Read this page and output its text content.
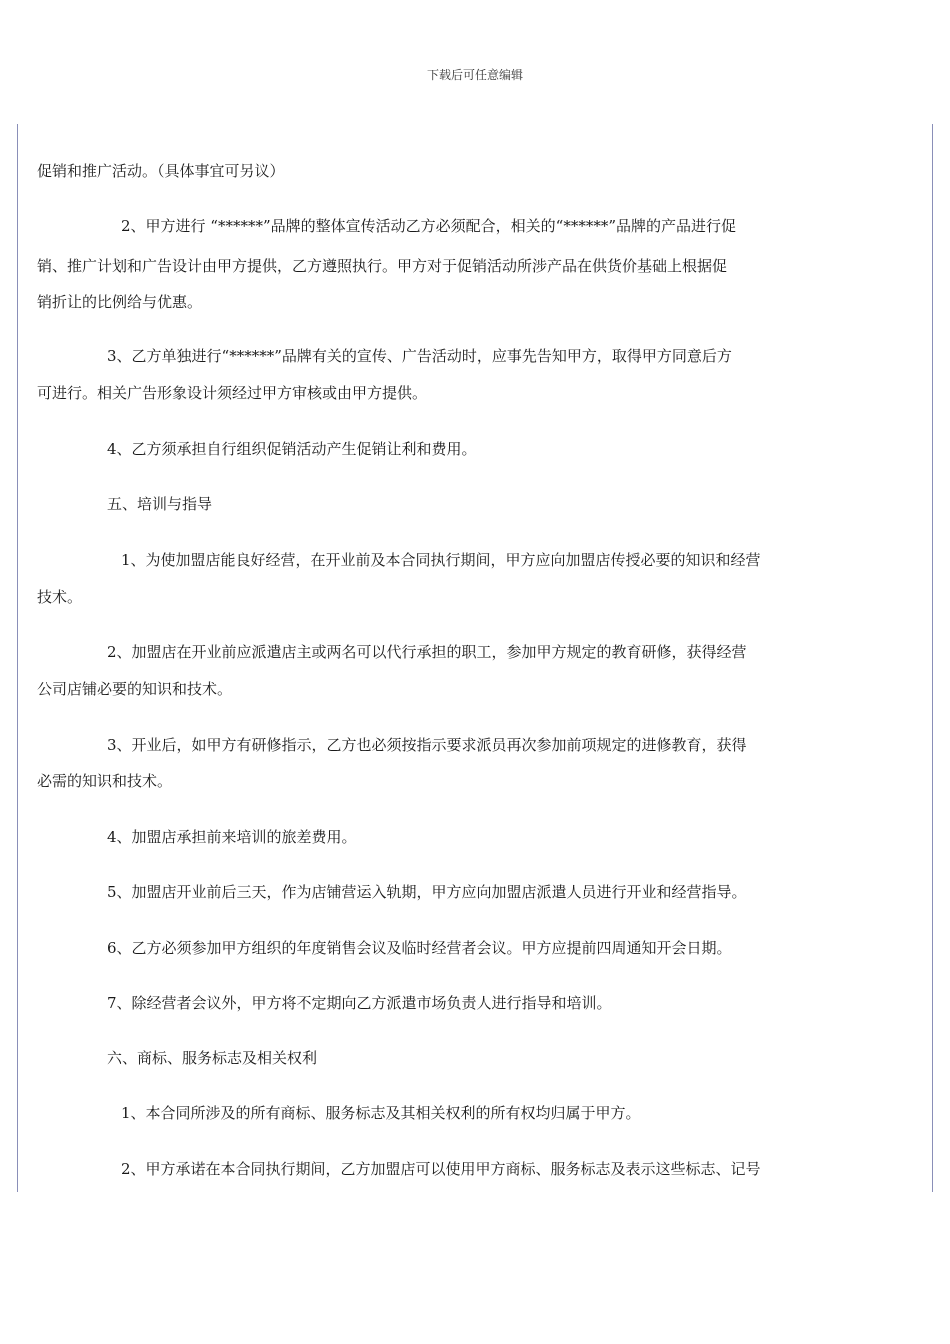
下载后可任意编辑
促销和推广活动。（具体事宜可另议）
2、甲方进行 “******”品牌的整体宣传活动乙方必须配合，相关的“******”品牌的产品进行促
销、推广计划和广告设计由甲方提供，乙方遵照执行。甲方对于促销活动所涉产品在供货价基础上根据促
销折让的比例给与优惠。
3、乙方单独进行“******”品牌有关的宣传、广告活动时，应事先告知甲方，取得甲方同意后方
可进行。相关广告形象设计须经过甲方审核或由甲方提供。
4、乙方须承担自行组织促销活动产生促销让利和费用。
五、培训与指导
1、为使加盟店能良好经营，在开业前及本合同执行期间，甲方应向加盟店传授必要的知识和经营
技术。
2、加盟店在开业前应派遣店主或两名可以代行承担的职工，参加甲方规定的教育研修，获得经营
公司店铺必要的知识和技术。
3、开业后，如甲方有研修指示，乙方也必须按指示要求派员再次参加前项规定的进修教育，获得
必需的知识和技术。
4、加盟店承担前来培训的旅差费用。
5、加盟店开业前后三天，作为店铺营运入轨期，甲方应向加盟店派遣人员进行开业和经营指导。
6、乙方必须参加甲方组织的年度销售会议及临时经营者会议。甲方应提前四周通知开会日期。
7、除经营者会议外，甲方将不定期向乙方派遣市场负责人进行指导和培训。
六、商标、服务标志及相关权利
1、本合同所涉及的所有商标、服务标志及其相关权利的所有权均归属于甲方。
2、甲方承诺在本合同执行期间，乙方加盟店可以使用甲方商标、服务标志及表示这些标志、记号
